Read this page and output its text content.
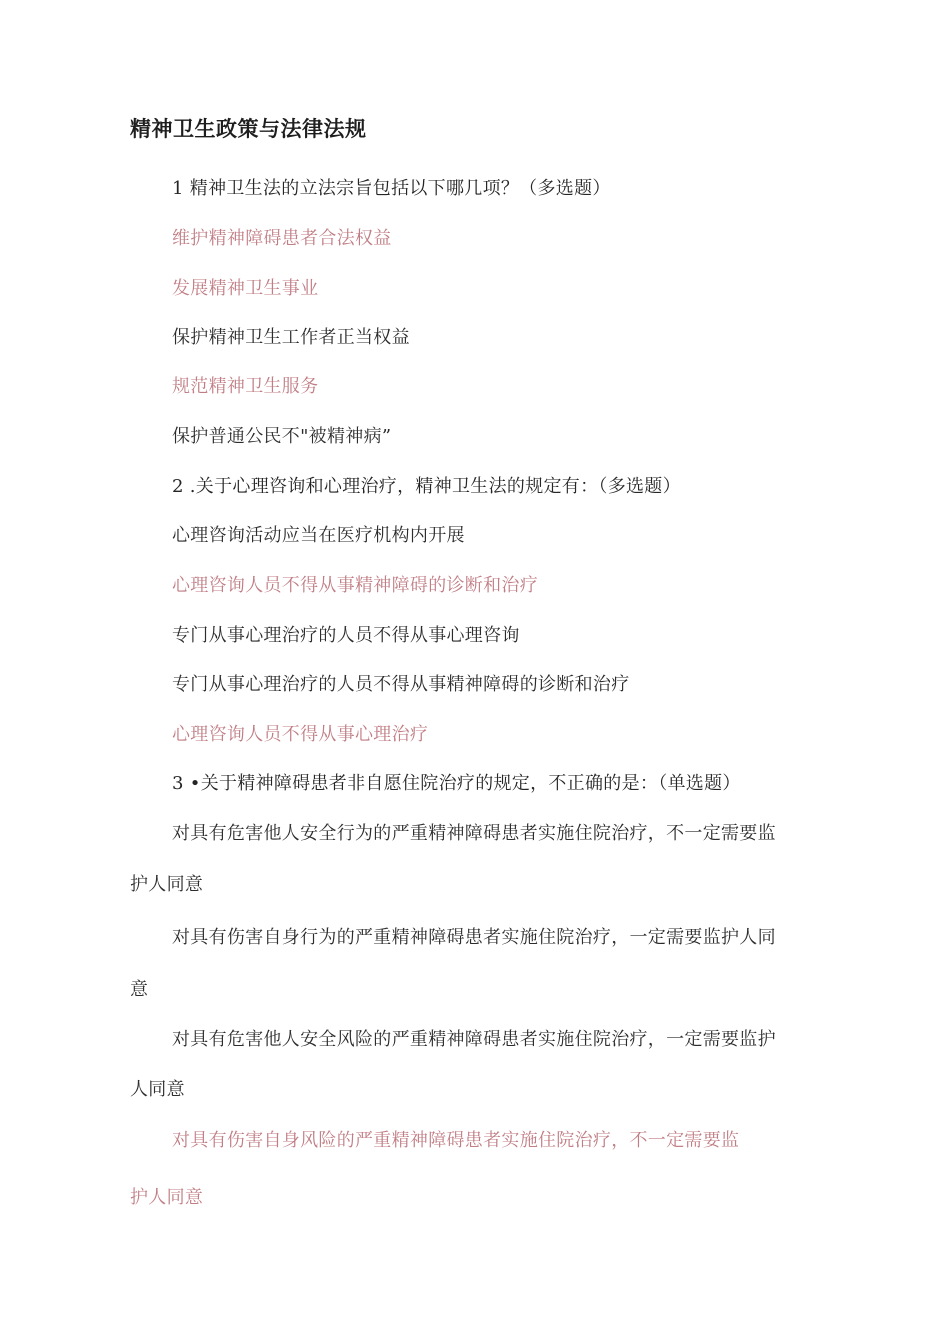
精神卫生政策与法律法规
1 精神卫生法的立法宗旨包括以下哪几项？（多选题）
维护精神障碍患者合法权益
发展精神卫生事业
保护精神卫生工作者正当权益
规范精神卫生服务
保护普通公民不"被精神病”
2 .关于心理咨询和心理治疗，精神卫生法的规定有：（多选题）
心理咨询活动应当在医疗机构内开展
心理咨询人员不得从事精神障碍的诊断和治疗
专门从事心理治疗的人员不得从事心理咨询
专门从事心理治疗的人员不得从事精神障碍的诊断和治疗
心理咨询人员不得从事心理治疗
3 •关于精神障碍患者非自愿住院治疗的规定，不正确的是：（单选题）
对具有危害他人安全行为的严重精神障碍患者实施住院治疗，不一定需要监
护人同意
对具有伤害自身行为的严重精神障碍患者实施住院治疗，一定需要监护人同
意
对具有危害他人安全风险的严重精神障碍患者实施住院治疗，一定需要监护
人同意
对具有伤害自身风险的严重精神障碍患者实施住院治疗，不一定需要监
护人同意
